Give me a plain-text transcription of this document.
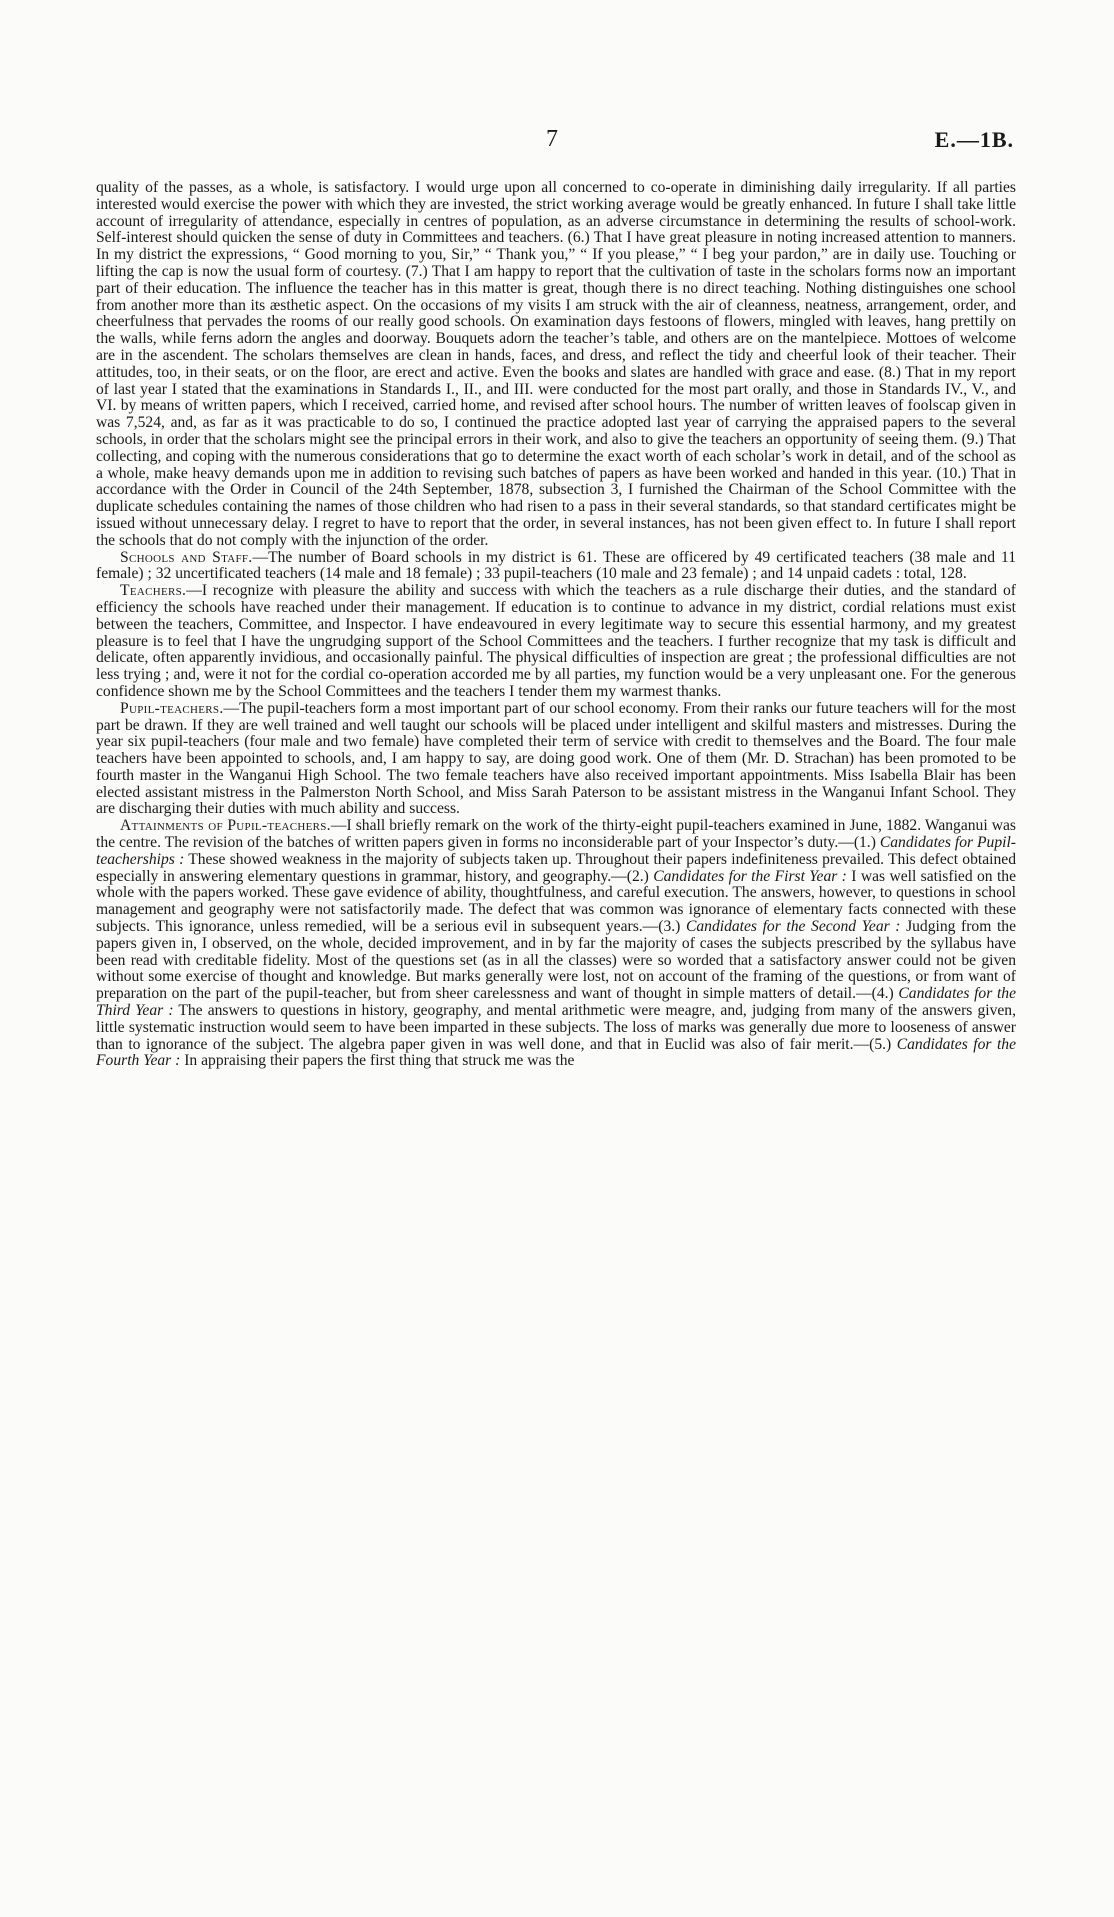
7	E.—1B.

quality of the passes, as a whole, is satisfactory. I would urge upon all concerned to co-operate in diminishing daily irregularity. If all parties interested would exercise the power with which they are invested, the strict working average would be greatly enhanced. In future I shall take little account of irregularity of attendance, especially in centres of population, as an adverse circumstance in determining the results of school-work. Self-interest should quicken the sense of duty in Committees and teachers. (6.) That I have great pleasure in noting increased attention to manners. In my district the expressions, “ Good morning to you, Sir,” “ Thank you,” “ If you please,” “ I beg your pardon,” are in daily use. Touching or lifting the cap is now the usual form of courtesy. (7.) That I am happy to report that the cultivation of taste in the scholars forms now an important part of their education. The influence the teacher has in this matter is great, though there is no direct teaching. Nothing distinguishes one school from another more than its æsthetic aspect. On the occasions of my visits I am struck with the air of cleanness, neatness, arrangement, order, and cheerfulness that pervades the rooms of our really good schools. On examination days festoons of flowers, mingled with leaves, hang prettily on the walls, while ferns adorn the angles and doorway. Bouquets adorn the teacher’s table, and others are on the mantelpiece. Mottoes of welcome are in the ascendent. The scholars themselves are clean in hands, faces, and dress, and reflect the tidy and cheerful look of their teacher. Their attitudes, too, in their seats, or on the floor, are erect and active. Even the books and slates are handled with grace and ease. (8.) That in my report of last year I stated that the examinations in Standards I., II., and III. were conducted for the most part orally, and those in Standards IV., V., and VI. by means of written papers, which I received, carried home, and revised after school hours. The number of written leaves of foolscap given in was 7,524, and, as far as it was practicable to do so, I continued the practice adopted last year of carrying the appraised papers to the several schools, in order that the scholars might see the principal errors in their work, and also to give the teachers an opportunity of seeing them. (9.) That collecting, and coping with the numerous considerations that go to determine the exact worth of each scholar’s work in detail, and of the school as a whole, make heavy demands upon me in addition to revising such batches of papers as have been worked and handed in this year. (10.) That in accordance with the Order in Council of the 24th September, 1878, subsection 3, I furnished the Chairman of the School Committee with the duplicate schedules containing the names of those children who had risen to a pass in their several standards, so that standard certificates might be issued without unnecessary delay. I regret to have to report that the order, in several instances, has not been given effect to. In future I shall report the schools that do not comply with the injunction of the order.

Schools and Staff.—The number of Board schools in my district is 61. These are officered by 49 certificated teachers (38 male and 11 female) ; 32 uncertificated teachers (14 male and 18 female) ; 33 pupil-teachers (10 male and 23 female) ; and 14 unpaid cadets : total, 128.

Teachers.—I recognize with pleasure the ability and success with which the teachers as a rule discharge their duties, and the standard of efficiency the schools have reached under their management. If education is to continue to advance in my district, cordial relations must exist between the teachers, Committee, and Inspector. I have endeavoured in every legitimate way to secure this essential harmony, and my greatest pleasure is to feel that I have the ungrudging support of the School Committees and the teachers. I further recognize that my task is difficult and delicate, often apparently invidious, and occasionally painful. The physical difficulties of inspection are great ; the professional difficulties are not less trying ; and, were it not for the cordial co-operation accorded me by all parties, my function would be a very unpleasant one. For the generous confidence shown me by the School Committees and the teachers I tender them my warmest thanks.

Pupil-teachers.—The pupil-teachers form a most important part of our school economy. From their ranks our future teachers will for the most part be drawn. If they are well trained and well taught our schools will be placed under intelligent and skilful masters and mistresses. During the year six pupil-teachers (four male and two female) have completed their term of service with credit to themselves and the Board. The four male teachers have been appointed to schools, and, I am happy to say, are doing good work. One of them (Mr. D. Strachan) has been promoted to be fourth master in the Wanganui High School. The two female teachers have also received important appointments. Miss Isabella Blair has been elected assistant mistress in the Palmerston North School, and Miss Sarah Paterson to be assistant mistress in the Wanganui Infant School. They are discharging their duties with much ability and success.

Attainments of Pupil-teachers.—I shall briefly remark on the work of the thirty-eight pupil-teachers examined in June, 1882. Wanganui was the centre. The revision of the batches of written papers given in forms no inconsiderable part of your Inspector’s duty.—(1.) Candidates for Pupil-teacherships : These showed weakness in the majority of subjects taken up. Throughout their papers indefiniteness prevailed. This defect obtained especially in answering elementary questions in grammar, history, and geography.—(2.) Candidates for the First Year : I was well satisfied on the whole with the papers worked. These gave evidence of ability, thoughtfulness, and careful execution. The answers, however, to questions in school management and geography were not satisfactorily made. The defect that was common was ignorance of elementary facts connected with these subjects. This ignorance, unless remedied, will be a serious evil in subsequent years.—(3.) Candidates for the Second Year : Judging from the papers given in, I observed, on the whole, decided improvement, and in by far the majority of cases the subjects prescribed by the syllabus have been read with creditable fidelity. Most of the questions set (as in all the classes) were so worded that a satisfactory answer could not be given without some exercise of thought and knowledge. But marks generally were lost, not on account of the framing of the questions, or from want of preparation on the part of the pupil-teacher, but from sheer carelessness and want of thought in simple matters of detail.—(4.) Candidates for the Third Year : The answers to questions in history, geography, and mental arithmetic were meagre, and, judging from many of the answers given, little systematic instruction would seem to have been imparted in these subjects. The loss of marks was generally due more to looseness of answer than to ignorance of the subject. The algebra paper given in was well done, and that in Euclid was also of fair merit.—(5.) Candidates for the Fourth Year : In appraising their papers the first thing that struck me was the
